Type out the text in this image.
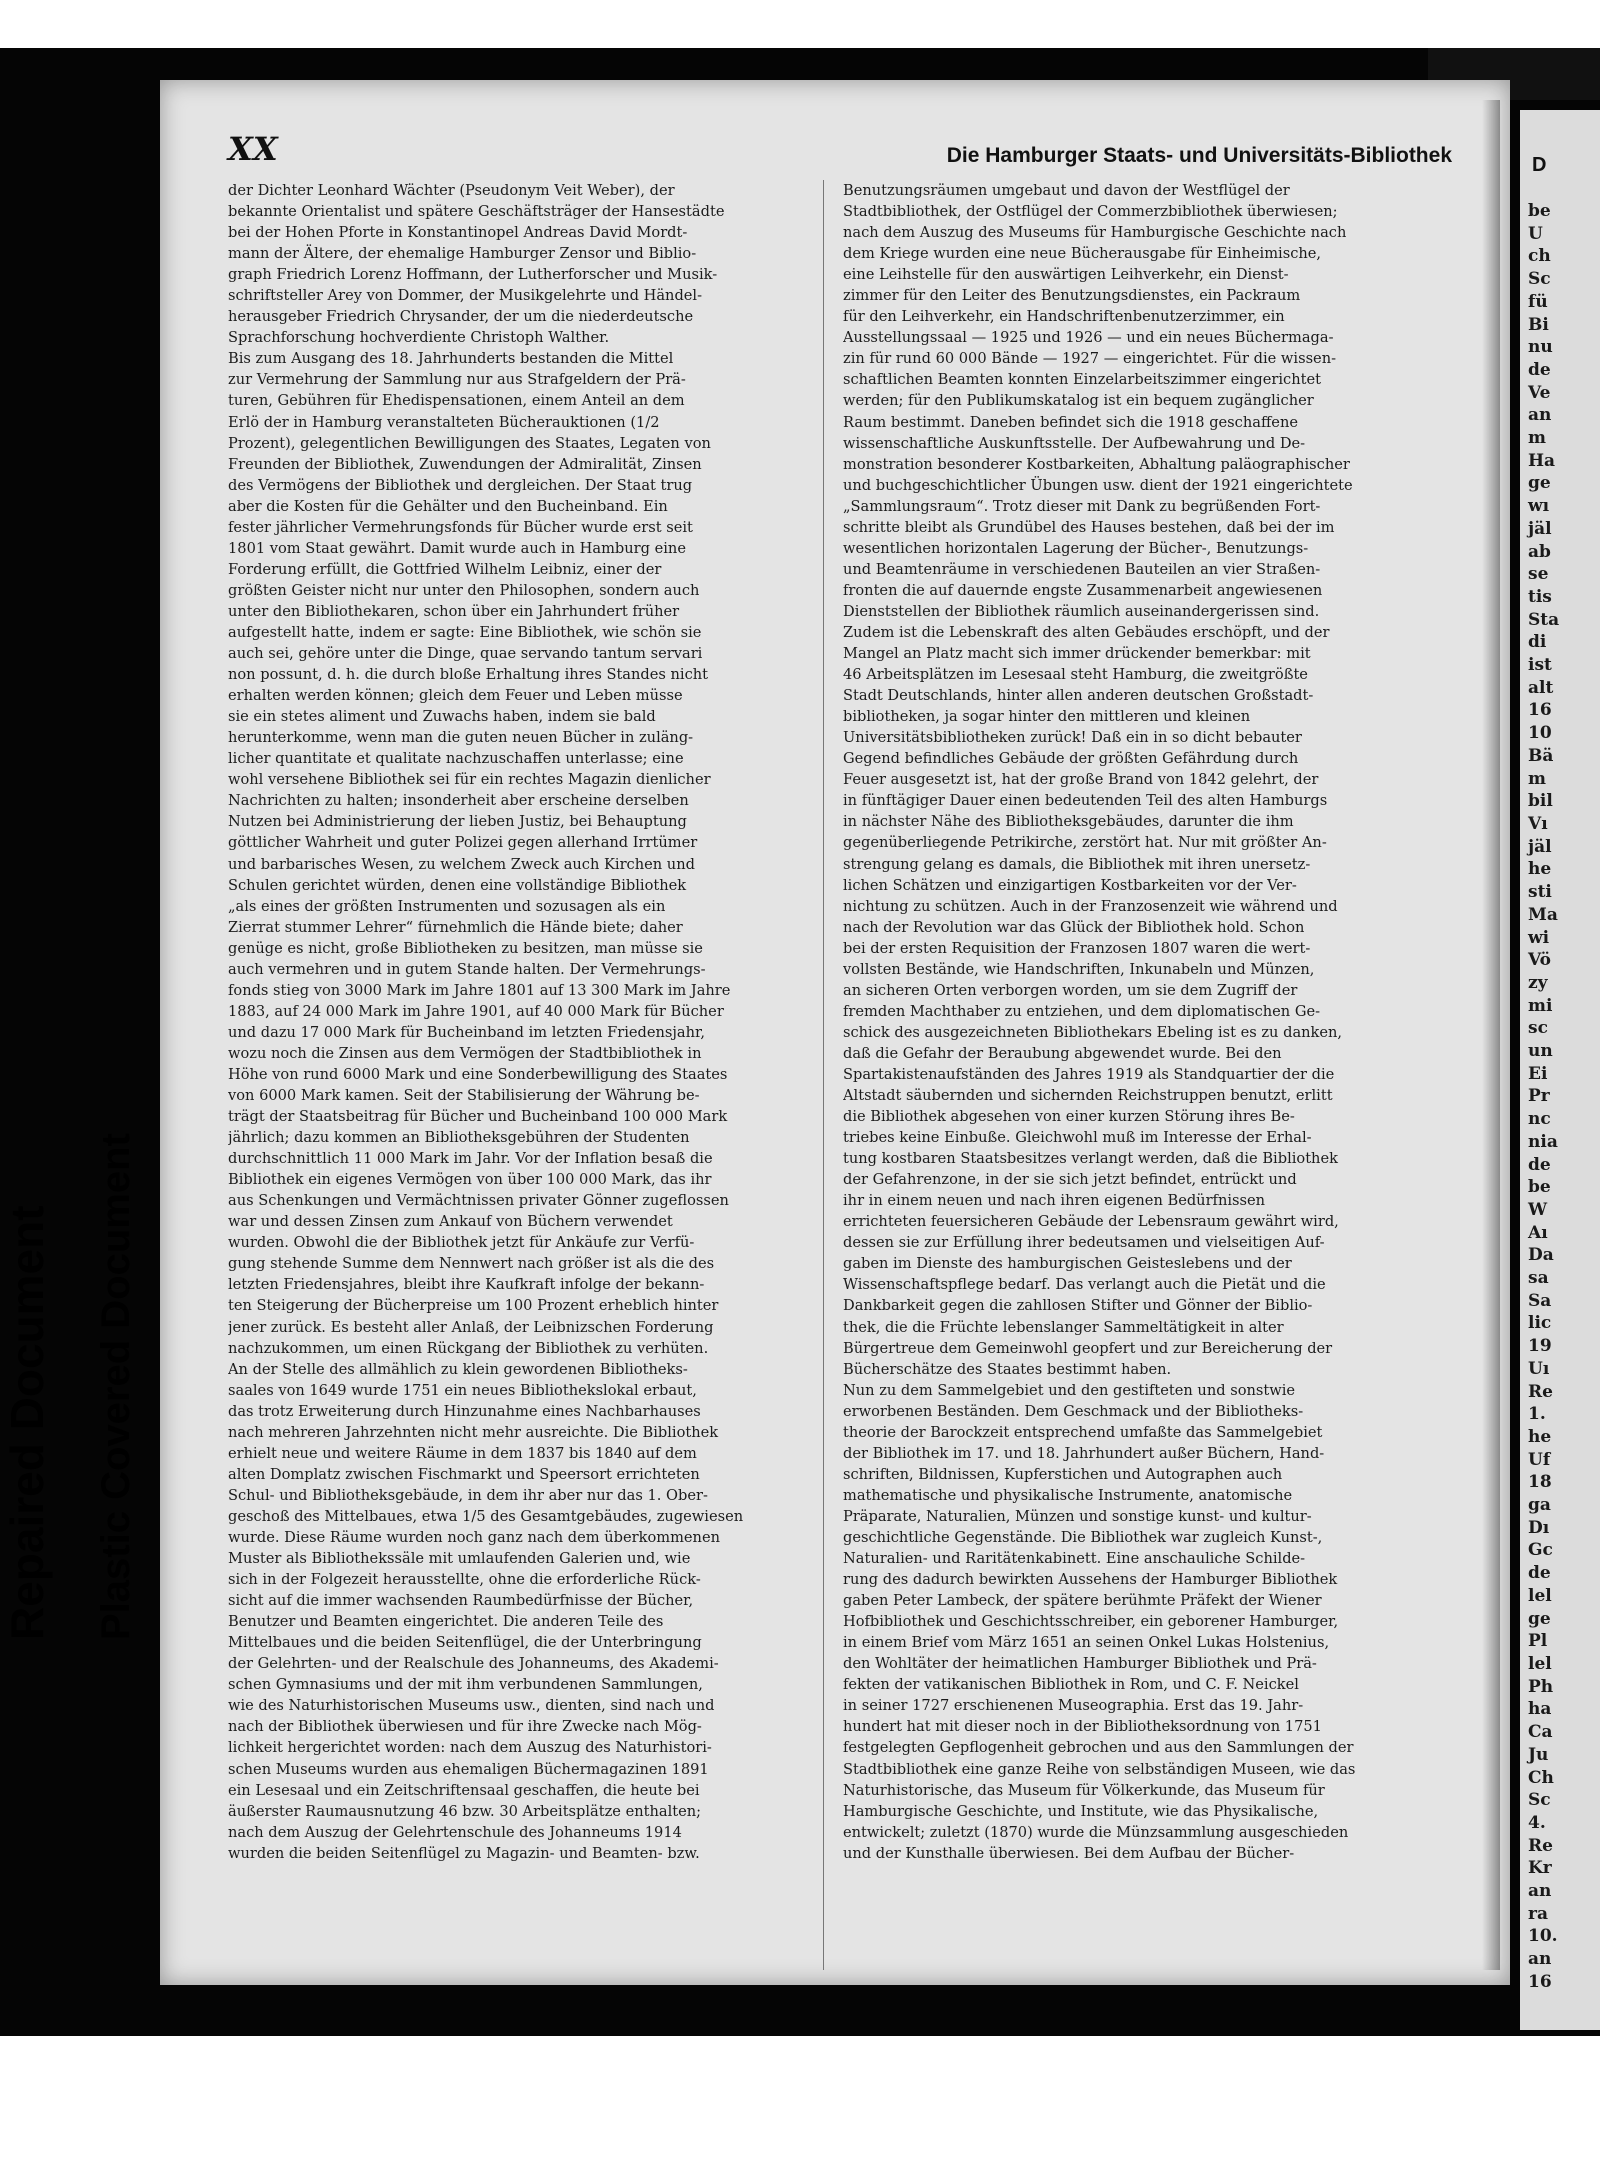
Repaired Document Plastic Covered Document
XX	Die Hamburger Staats- und Universitäts-Bibliothek
der Dichter Leonhard Wächter (Pseudonym Veit Weber), der
bekannte Orientalist und spätere Geschäftsträger der Hansestädte
bei der Hohen Pforte in Konstantinopel Andreas David Mordt-
mann der Ältere, der ehemalige Hamburger Zensor und Biblio-
graph Friedrich Lorenz Hoffmann, der Lutherforscher und Musik-
schriftsteller Arey von Dommer, der Musikgelehrte und Händel-
herausgeber Friedrich Chrysander, der um die niederdeutsche
Sprachforschung hochverdiente Christoph Walther.
Bis zum Ausgang des 18. Jahrhunderts bestanden die Mittel
zur Vermehrung der Sammlung nur aus Strafgeldern der Prä-
turen, Gebühren für Ehedispensationen, einem Anteil an dem
Erlö der in Hamburg veranstalteten Bücherauktionen (1/2
Prozent), gelegentlichen Bewilligungen des Staates, Legaten von
Freunden der Bibliothek, Zuwendungen der Admiralität, Zinsen
des Vermögens der Bibliothek und dergleichen. Der Staat trug
aber die Kosten für die Gehälter und den Bucheinband. Ein
fester jährlicher Vermehrungsfonds für Bücher wurde erst seit
1801 vom Staat gewährt. Damit wurde auch in Hamburg eine
Forderung erfüllt, die Gottfried Wilhelm Leibniz, einer der
größten Geister nicht nur unter den Philosophen, sondern auch
unter den Bibliothekaren, schon über ein Jahrhundert früher
aufgestellt hatte, indem er sagte: Eine Bibliothek, wie schön sie
auch sei, gehöre unter die Dinge, quae servando tantum servari
non possunt, d. h. die durch bloße Erhaltung ihres Standes nicht
erhalten werden können; gleich dem Feuer und Leben müsse
sie ein stetes aliment und Zuwachs haben, indem sie bald
herunterkomme, wenn man die guten neuen Bücher in zuläng-
licher quantitate et qualitate nachzuschaffen unterlasse; eine
wohl versehene Bibliothek sei für ein rechtes Magazin dienlicher
Nachrichten zu halten; insonderheit aber erscheine derselben
Nutzen bei Administrierung der lieben Justiz, bei Behauptung
göttlicher Wahrheit und guter Polizei gegen allerhand Irrtümer
und barbarisches Wesen, zu welchem Zweck auch Kirchen und
Schulen gerichtet würden, denen eine vollständige Bibliothek
„als eines der größten Instrumenten und sozusagen als ein
Zierrat stummer Lehrer“ fürnehmlich die Hände biete; daher
genüge es nicht, große Bibliotheken zu besitzen, man müsse sie
auch vermehren und in gutem Stande halten. Der Vermehrungs-
fonds stieg von 3000 Mark im Jahre 1801 auf 13 300 Mark im Jahre
1883, auf 24 000 Mark im Jahre 1901, auf 40 000 Mark für Bücher
und dazu 17 000 Mark für Bucheinband im letzten Friedensjahr,
wozu noch die Zinsen aus dem Vermögen der Stadtbibliothek in
Höhe von rund 6000 Mark und eine Sonderbewilligung des Staates
von 6000 Mark kamen. Seit der Stabilisierung der Währung be-
trägt der Staatsbeitrag für Bücher und Bucheinband 100 000 Mark
jährlich; dazu kommen an Bibliotheksgebühren der Studenten
durchschnittlich 11 000 Mark im Jahr. Vor der Inflation besaß die
Bibliothek ein eigenes Vermögen von über 100 000 Mark, das ihr
aus Schenkungen und Vermächtnissen privater Gönner zugeflossen
war und dessen Zinsen zum Ankauf von Büchern verwendet
wurden. Obwohl die der Bibliothek jetzt für Ankäufe zur Verfü-
gung stehende Summe dem Nennwert nach größer ist als die des
letzten Friedensjahres, bleibt ihre Kaufkraft infolge der bekann-
ten Steigerung der Bücherpreise um 100 Prozent erheblich hinter
jener zurück. Es besteht aller Anlaß, der Leibnizschen Forderung
nachzukommen, um einen Rückgang der Bibliothek zu verhüten.
An der Stelle des allmählich zu klein gewordenen Bibliotheks-
saales von 1649 wurde 1751 ein neues Bibliothekslokal erbaut,
das trotz Erweiterung durch Hinzunahme eines Nachbarhauses
nach mehreren Jahrzehnten nicht mehr ausreichte. Die Bibliothek
erhielt neue und weitere Räume in dem 1837 bis 1840 auf dem
alten Domplatz zwischen Fischmarkt und Speersort errichteten
Schul- und Bibliotheksgebäude, in dem ihr aber nur das 1. Ober-
geschoß des Mittelbaues, etwa 1/5 des Gesamtgebäudes, zugewiesen
wurde. Diese Räume wurden noch ganz nach dem überkommenen
Muster als Bibliothekssäle mit umlaufenden Galerien und, wie
sich in der Folgezeit herausstellte, ohne die erforderliche Rück-
sicht auf die immer wachsenden Raumbedürfnisse der Bücher,
Benutzer und Beamten eingerichtet. Die anderen Teile des
Mittelbaues und die beiden Seitenflügel, die der Unterbringung
der Gelehrten- und der Realschule des Johanneums, des Akademi-
schen Gymnasiums und der mit ihm verbundenen Sammlungen,
wie des Naturhistorischen Museums usw., dienten, sind nach und
nach der Bibliothek überwiesen und für ihre Zwecke nach Mög-
lichkeit hergerichtet worden: nach dem Auszug des Naturhistori-
schen Museums wurden aus ehemaligen Büchermagazinen 1891
ein Lesesaal und ein Zeitschriftensaal geschaffen, die heute bei
äußerster Raumausnutzung 46 bzw. 30 Arbeitsplätze enthalten;
nach dem Auszug der Gelehrtenschule des Johanneums 1914
wurden die beiden Seitenflügel zu Magazin- und Beamten- bzw.
Benutzungsräumen umgebaut und davon der Westflügel der
Stadtbibliothek, der Ostflügel der Commerzbibliothek überwiesen;
nach dem Auszug des Museums für Hamburgische Geschichte nach
dem Kriege wurden eine neue Bücherausgabe für Einheimische,
eine Leihstelle für den auswärtigen Leihverkehr, ein Dienst-
zimmer für den Leiter des Benutzungsdienstes, ein Packraum
für den Leihverkehr, ein Handschriftenbenutzerzimmer, ein
Ausstellungssaal — 1925 und 1926 — und ein neues Büchermaga-
zin für rund 60 000 Bände — 1927 — eingerichtet. Für die wissen-
schaftlichen Beamten konnten Einzelarbeitszimmer eingerichtet
werden; für den Publikumskatalog ist ein bequem zugänglicher
Raum bestimmt. Daneben befindet sich die 1918 geschaffene
wissenschaftliche Auskunftsstelle. Der Aufbewahrung und De-
monstration besonderer Kostbarkeiten, Abhaltung paläographischer
und buchgeschichtlicher Übungen usw. dient der 1921 eingerichtete
„Sammlungsraum“. Trotz dieser mit Dank zu begrüßenden Fort-
schritte bleibt als Grundübel des Hauses bestehen, daß bei der im
wesentlichen horizontalen Lagerung der Bücher-, Benutzungs-
und Beamtenräume in verschiedenen Bauteilen an vier Straßen-
fronten die auf dauernde engste Zusammenarbeit angewiesenen
Dienststellen der Bibliothek räumlich auseinandergerissen sind.
Zudem ist die Lebenskraft des alten Gebäudes erschöpft, und der
Mangel an Platz macht sich immer drückender bemerkbar: mit
46 Arbeitsplätzen im Lesesaal steht Hamburg, die zweitgrößte
Stadt Deutschlands, hinter allen anderen deutschen Großstadt-
bibliotheken, ja sogar hinter den mittleren und kleinen
Universitätsbibliotheken zurück! Daß ein in so dicht bebauter
Gegend befindliches Gebäude der größten Gefährdung durch
Feuer ausgesetzt ist, hat der große Brand von 1842 gelehrt, der
in fünftägiger Dauer einen bedeutenden Teil des alten Hamburgs
in nächster Nähe des Bibliotheksgebäudes, darunter die ihm
gegenüberliegende Petrikirche, zerstört hat. Nur mit größter An-
strengung gelang es damals, die Bibliothek mit ihren unersetz-
lichen Schätzen und einzigartigen Kostbarkeiten vor der Ver-
nichtung zu schützen. Auch in der Franzosenzeit wie während und
nach der Revolution war das Glück der Bibliothek hold. Schon
bei der ersten Requisition der Franzosen 1807 waren die wert-
vollsten Bestände, wie Handschriften, Inkunabeln und Münzen,
an sicheren Orten verborgen worden, um sie dem Zugriff der
fremden Machthaber zu entziehen, und dem diplomatischen Ge-
schick des ausgezeichneten Bibliothekars Ebeling ist es zu danken,
daß die Gefahr der Beraubung abgewendet wurde. Bei den
Spartakistenaufständen des Jahres 1919 als Standquartier der die
Altstadt säubernden und sichernden Reichstruppen benutzt, erlitt
die Bibliothek abgesehen von einer kurzen Störung ihres Be-
triebes keine Einbuße. Gleichwohl muß im Interesse der Erhal-
tung kostbaren Staatsbesitzes verlangt werden, daß die Bibliothek
der Gefahrenzone, in der sie sich jetzt befindet, entrückt und
ihr in einem neuen und nach ihren eigenen Bedürfnissen
errichteten feuersicheren Gebäude der Lebensraum gewährt wird,
dessen sie zur Erfüllung ihrer bedeutsamen und vielseitigen Auf-
gaben im Dienste des hamburgischen Geisteslebens und der
Wissenschaftspflege bedarf. Das verlangt auch die Pietät und die
Dankbarkeit gegen die zahllosen Stifter und Gönner der Biblio-
thek, die die Früchte lebenslanger Sammeltätigkeit in alter
Bürgertreue dem Gemeinwohl geopfert und zur Bereicherung der
Bücherschätze des Staates bestimmt haben.
Nun zu dem Sammelgebiet und den gestifteten und sonstwie
erworbenen Beständen. Dem Geschmack und der Bibliotheks-
theorie der Barockzeit entsprechend umfaßte das Sammelgebiet
der Bibliothek im 17. und 18. Jahrhundert außer Büchern, Hand-
schriften, Bildnissen, Kupferstichen und Autographen auch
mathematische und physikalische Instrumente, anatomische
Präparate, Naturalien, Münzen und sonstige kunst- und kultur-
geschichtliche Gegenstände. Die Bibliothek war zugleich Kunst-,
Naturalien- und Raritätenkabinett. Eine anschauliche Schilde-
rung des dadurch bewirkten Aussehens der Hamburger Bibliothek
gaben Peter Lambeck, der spätere berühmte Präfekt der Wiener
Hofbibliothek und Geschichtsschreiber, ein geborener Hamburger,
in einem Brief vom März 1651 an seinen Onkel Lukas Holstenius,
den Wohltäter der heimatlichen Hamburger Bibliothek und Prä-
fekten der vatikanischen Bibliothek in Rom, und C. F. Neickel
in seiner 1727 erschienenen Museographia. Erst das 19. Jahr-
hundert hat mit dieser noch in der Bibliotheksordnung von 1751
festgelegten Gepflogenheit gebrochen und aus den Sammlungen der
Stadtbibliothek eine ganze Reihe von selbständigen Museen, wie das
Naturhistorische, das Museum für Völkerkunde, das Museum für
Hamburgische Geschichte, und Institute, wie das Physikalische,
entwickelt; zuletzt (1870) wurde die Münzsammlung ausgeschieden
und der Kunsthalle überwiesen. Bei dem Aufbau der Bücher-
D
be
U
ch
Sc
fü
Bi
nu
de
Ve
an
m
Ha
ge
wı
jäl
ab
se
tis
Sta
di
ist
alt
16
10
Bä
m
bil
Vı
jäl
he
sti
Ma
wi
Vö
zy
mi
sc
un
Ei
Pr
nc
nia
de
be
W
Aı
Da
sa
Sa
lic
19
Uı
Re
1.
he
Uf
18
ga
Dı
Gc
de
lel
ge
Pl
lel
Ph
ha
Ca
Ju
Ch
Sc
4.
Re
Kr
an
ra
10.
an
16
